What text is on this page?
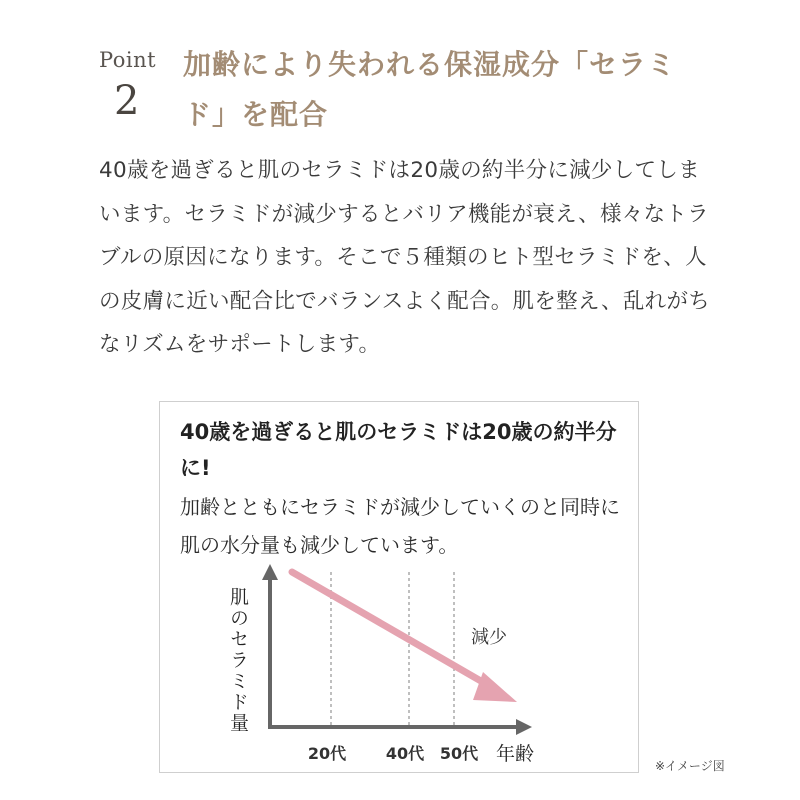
Point
2
加齢により失われる保湿成分「セラミド」を配合

40歳を過ぎると肌のセラミドは20歳の約半分に減少してしまいます。セラミドが減少するとバリア機能が衰え、様々なトラブルの原因になります。そこで５種類のヒト型セラミドを、人の皮膚に近い配合比でバランスよく配合。肌を整え、乱れがちなリズムをサポートします。

40歳を過ぎると肌のセラミドは20歳の約半分に!

加齢とともにセラミドが減少していくのと同時に肌の水分量も減少しています。

肌のセラミド量	減少
20代 40代 50代 年齢
※イメージ図
